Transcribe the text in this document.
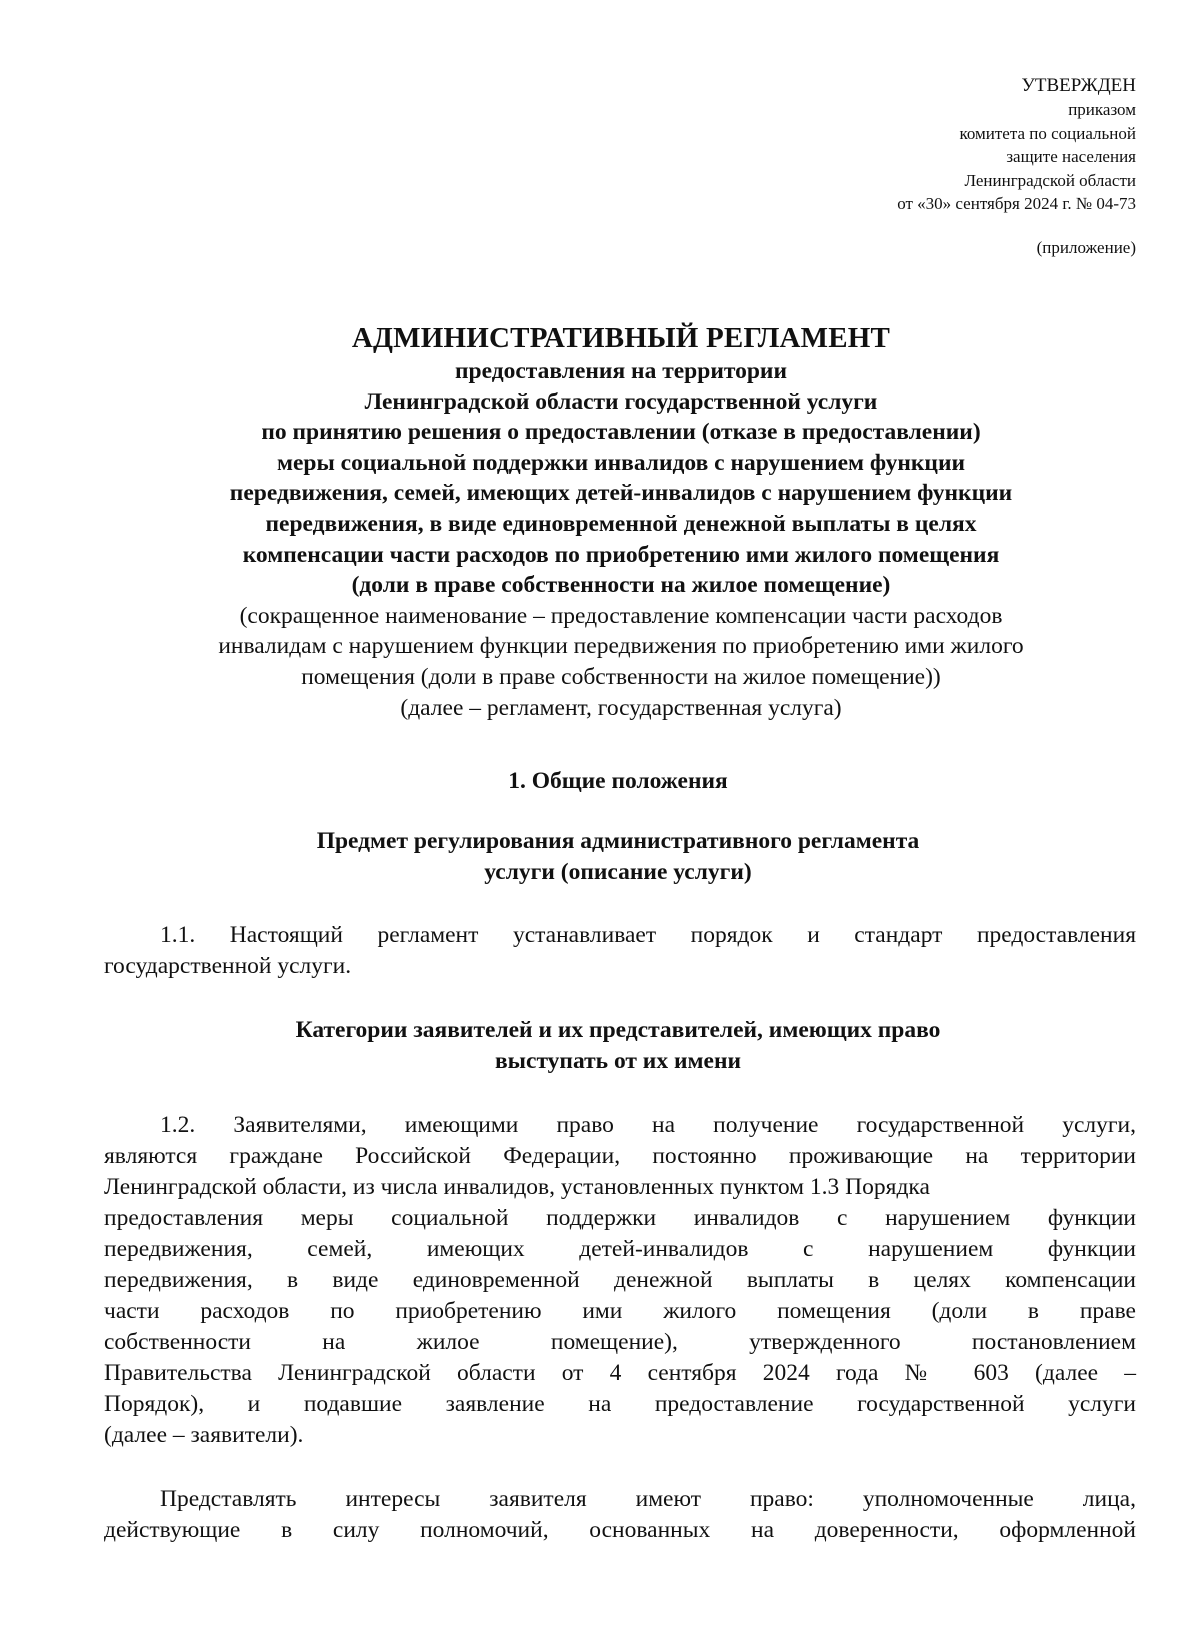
УТВЕРЖДЕН
приказом
комитета по социальной
защите населения
Ленинградской области
от «30» сентября 2024 г. № 04-73
(приложение)
АДМИНИСТРАТИВНЫЙ РЕГЛАМЕНТ
предоставления на территории
Ленинградской области государственной услуги
по принятию решения о предоставлении (отказе в предоставлении)
меры социальной поддержки инвалидов с нарушением функции
передвижения, семей, имеющих детей-инвалидов с нарушением функции
передвижения, в виде единовременной денежной выплаты в целях
компенсации части расходов по приобретению ими жилого помещения
(доли в праве собственности на жилое помещение)
(сокращенное наименование – предоставление компенсации части расходов
инвалидам с нарушением функции передвижения по приобретению ими жилого
помещения (доли в праве собственности на жилое помещение))
(далее – регламент, государственная услуга)
1. Общие положения
Предмет регулирования административного регламента
услуги (описание услуги)
1.1. Настоящий регламент устанавливает порядок и стандарт предоставления
государственной услуги.
Категории заявителей и их представителей, имеющих право
выступать от их имени
1.2. Заявителями, имеющими право на получение государственной услуги,
являются граждане Российской Федерации, постоянно проживающие на территории
Ленинградской области, из числа инвалидов, установленных пунктом 1.3 Порядка
предоставления меры социальной поддержки инвалидов с нарушением функции
передвижения, семей, имеющих детей-инвалидов с нарушением функции
передвижения, в виде единовременной денежной выплаты в целях компенсации
части расходов по приобретению ими жилого помещения (доли в праве
собственности на жилое помещение), утвержденного постановлением
Правительства Ленинградской области от 4 сентября 2024 года № 603 (далее –
Порядок), и подавшие заявление на предоставление государственной услуги
(далее – заявители).
Представлять интересы заявителя имеют право: уполномоченные лица,
действующие в силу полномочий, основанных на доверенности, оформленной
